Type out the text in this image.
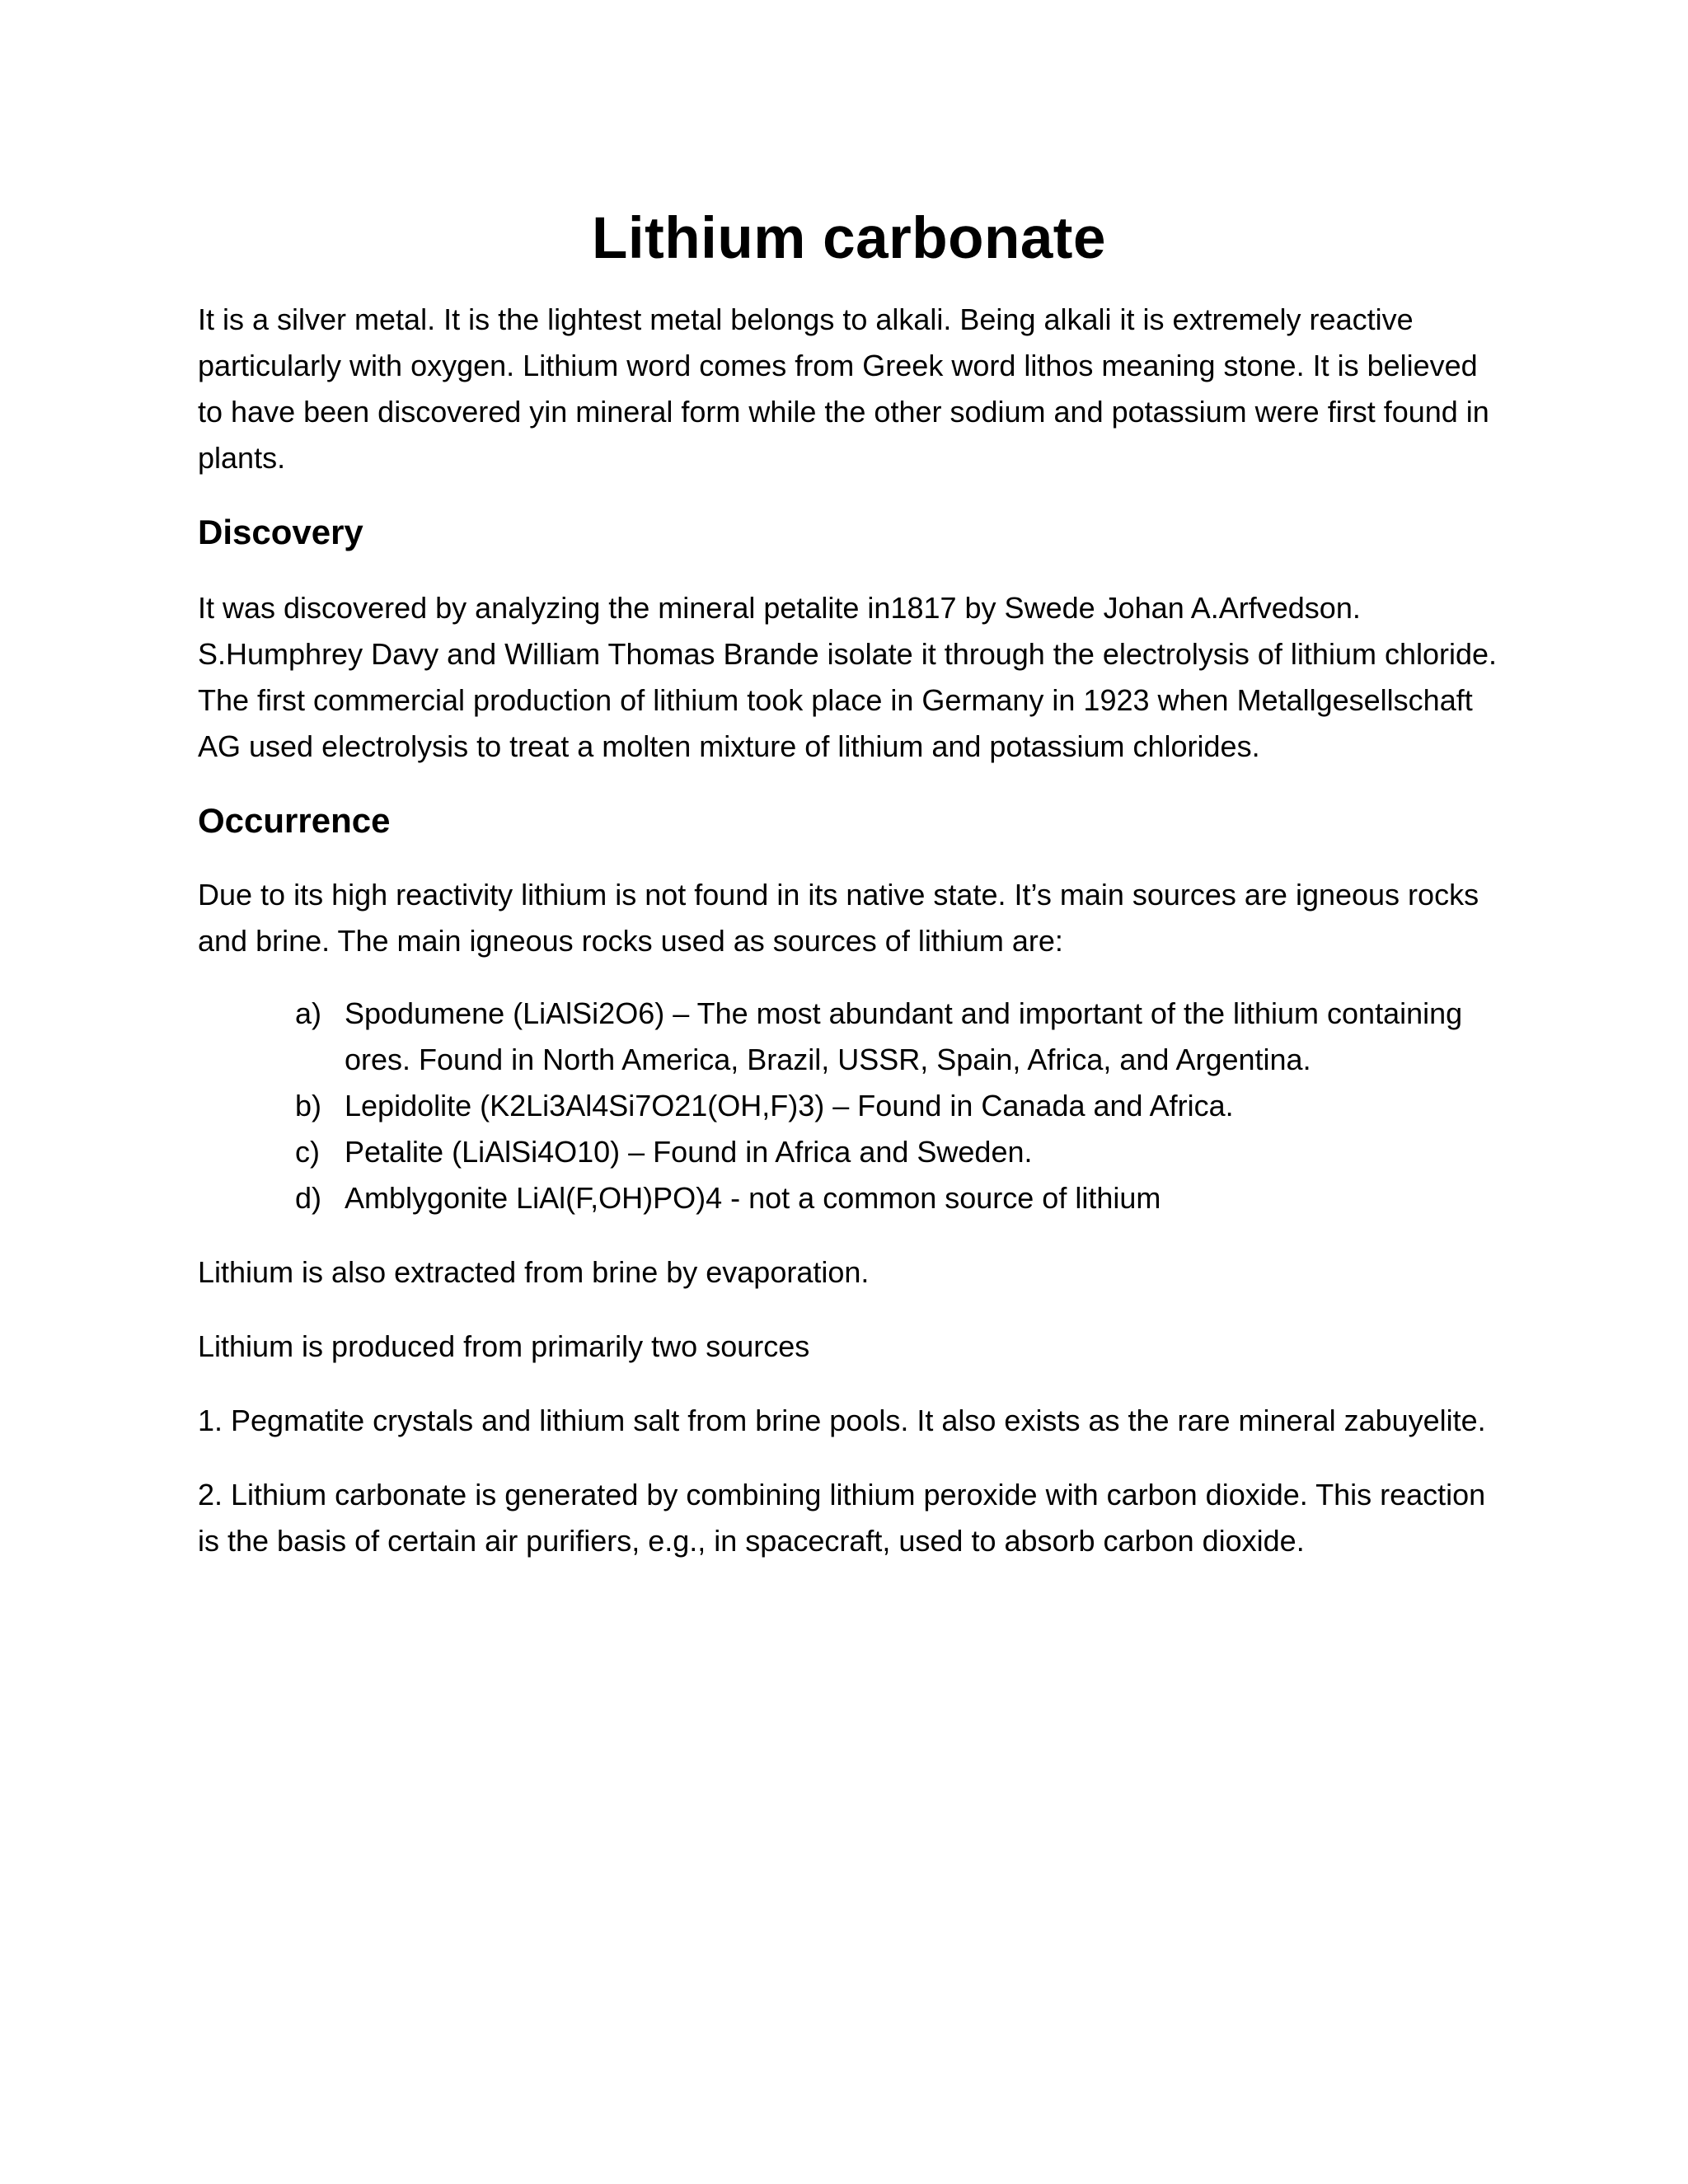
Lithium carbonate

It is a silver metal. It is the lightest metal belongs to alkali. Being alkali it is extremely reactive particularly with oxygen. Lithium word comes from Greek word lithos meaning stone. It is believed to have been discovered yin mineral form while the other sodium and potassium were first found in plants.

Discovery

It was discovered by analyzing the mineral petalite in1817 by Swede Johan A.Arfvedson. S.Humphrey Davy and William Thomas Brande isolate it through the electrolysis of lithium chloride. The first commercial production of lithium took place in Germany in 1923 when Metallgesellschaft AG used electrolysis to treat a molten mixture of lithium and potassium chlorides.

Occurrence

Due to its high reactivity lithium is not found in its native state. It’s main sources are igneous rocks and brine. The main igneous rocks used as sources of lithium are:

a) Spodumene (LiAlSi2O6) – The most abundant and important of the lithium containing ores. Found in North America, Brazil, USSR, Spain, Africa, and Argentina.
b) Lepidolite (K2Li3Al4Si7O21(OH,F)3) – Found in Canada and Africa.
c) Petalite (LiAlSi4O10) – Found in Africa and Sweden.
d) Amblygonite LiAl(F,OH)PO)4 - not a common source of lithium

Lithium is also extracted from brine by evaporation.

Lithium is produced from primarily two sources

1. Pegmatite crystals and lithium salt from brine pools. It also exists as the rare mineral zabuyelite.

2. Lithium carbonate is generated by combining lithium peroxide with carbon dioxide. This reaction is the basis of certain air purifiers, e.g., in spacecraft, used to absorb carbon dioxide.
